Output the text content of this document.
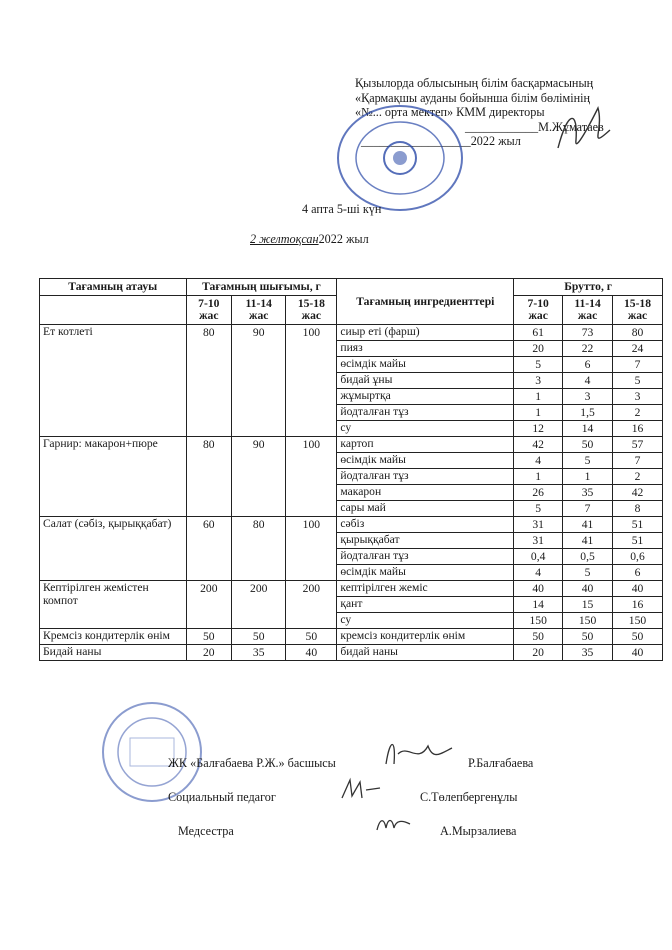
Қызылорда облысының білім басқармасының
«Қармақшы ауданы бойынша білім бөлімінің
«№... орта мектеп» КММ директоры
____________М.Жұматаев
__________________2022 жыл
4 апта 5-ші күн
2 желтоқсан2022 жыл
Тағамның атауы	Тағамның шығымы, г			Тағамның ингредиенттері	Брутто, г		
	7-10 жас	11-14 жас	15-18 жас		7-10 жас	11-14 жас	15-18 жас
Ет котлеті	80	90	100	сиыр еті (фарш)	61	73	80
				пияз	20	22	24
				өсімдік майы	5	6	7
				бидай ұны	3	4	5
				жұмыртқа	1	3	3
				йодталған тұз	1	1,5	2
				су	12	14	16
Гарнир: макарон+пюре	80	90	100	картоп	42	50	57
				өсімдік майы	4	5	7
				йодталған тұз	1	1	2
				макарон	26	35	42
				сары май	5	7	8
Салат (сәбіз, қырыққабат)	60	80	100	сәбіз	31	41	51
				қырыққабат	31	41	51
				йодталған тұз	0,4	0,5	0,6
				өсімдік майы	4	5	6
Кептірілген жемістен компот	200	200	200	кептірілген жеміс	40	40	40
				қант	14	15	16
				су	150	150	150
Кремсіз кондитерлік өнім	50	50	50	кремсіз кондитерлік өнім	50	50	50
Бидай наны	20	35	40	бидай наны	20	35	40
ЖК «Балғабаева Р.Ж.» басшысы	Р.Балғабаева
Социальный педагог	С.Төлепбергенұлы
Медсестра	А.Мырзалиева
